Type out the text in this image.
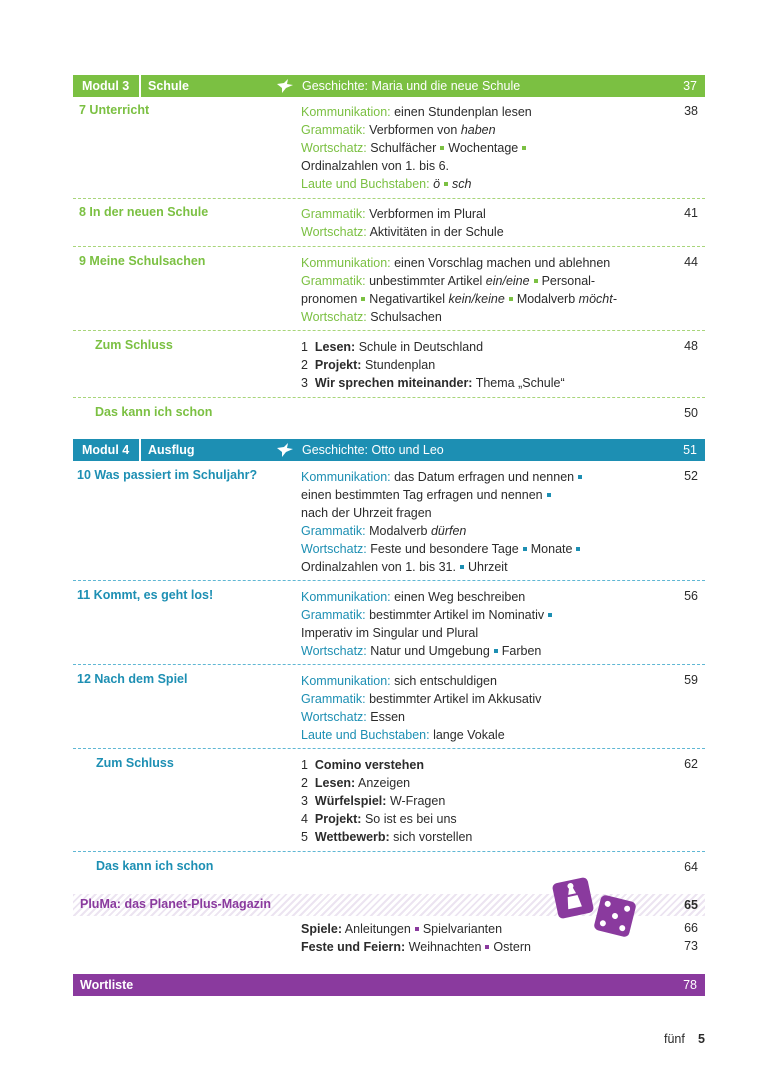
Modul 3 Schule	Geschichte: Maria und die neue Schule	37
7 Unterricht	38
Kommunikation: einen Stundenplan lesen
Grammatik: Verbformen von haben
Wortschatz: Schulfächer Wochentage
Ordinalzahlen von 1. bis 6.
Laute und Buchstaben: ö sch
8 In der neuen Schule	41
Grammatik: Verbformen im Plural
Wortschatz: Aktivitäten in der Schule
9 Meine Schulsachen	44
Kommunikation: einen Vorschlag machen und ablehnen
Grammatik: unbestimmter Artikel ein/eine Personal-
pronomen Negativartikel kein/keine Modalverb möcht-
Wortschatz: Schulsachen
Zum Schluss	48
1 Lesen: Schule in Deutschland
2 Projekt: Stundenplan
3 Wir sprechen miteinander: Thema „Schule“
Das kann ich schon	50
Modul 4 Ausflug	Geschichte: Otto und Leo	51
10 Was passiert im Schuljahr?	52
Kommunikation: das Datum erfragen und nennen
einen bestimmten Tag erfragen und nennen
nach der Uhrzeit fragen
Grammatik: Modalverb dürfen
Wortschatz: Feste und besondere Tage Monate
Ordinalzahlen von 1. bis 31. Uhrzeit
11 Kommt, es geht los!	56
Kommunikation: einen Weg beschreiben
Grammatik: bestimmter Artikel im Nominativ
Imperativ im Singular und Plural
Wortschatz: Natur und Umgebung Farben
12 Nach dem Spiel	59
Kommunikation: sich entschuldigen
Grammatik: bestimmter Artikel im Akkusativ
Wortschatz: Essen
Laute und Buchstaben: lange Vokale
Zum Schluss	62
1 Comino verstehen
2 Lesen: Anzeigen
3 Würfelspiel: W-Fragen
4 Projekt: So ist es bei uns
5 Wettbewerb: sich vorstellen
Das kann ich schon	64
PluMa: das Planet-Plus-Magazin	65
Spiele: Anleitungen Spielvarianten	66
Feste und Feiern: Weihnachten Ostern	73
Wortliste	78
fünf 5
